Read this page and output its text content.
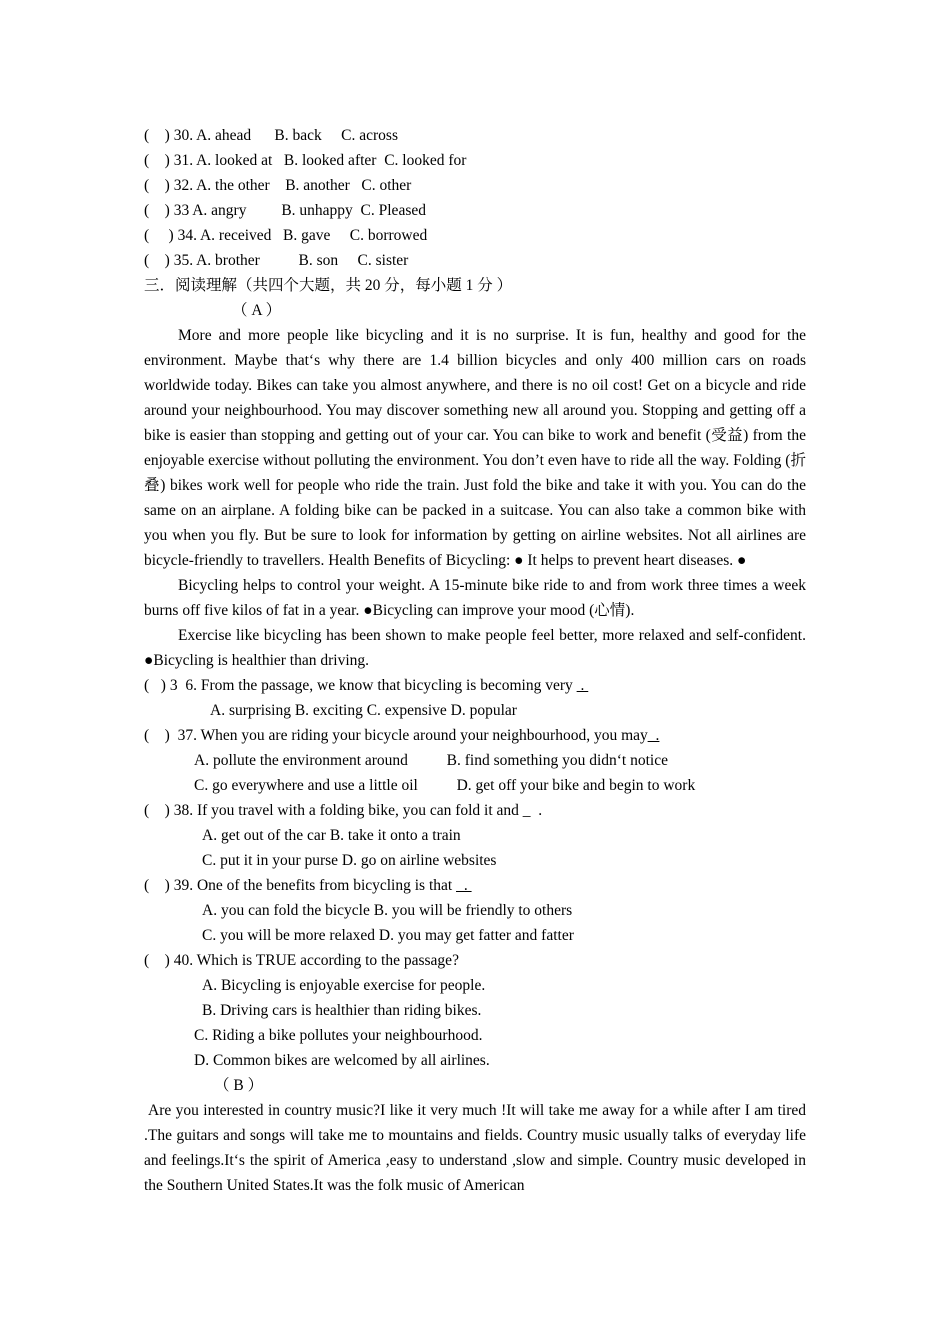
(    ) 30. A. ahead      B. back     C. across
(    ) 31. A. looked at   B. looked after  C. looked for
(    ) 32. A. the other    B. another   C. other
(    ) 33 A. angry         B. unhappy  C. Pleased
(     ) 34. A. received   B. gave     C. borrowed
(    ) 35. A. brother          B. son     C. sister
三．阅读理解（共四个大题，共 20 分，每小题 1 分 ）
（ A ）

More and more people like bicycling and it is no surprise. It is fun, healthy and good for the environment. Maybe that‘s why there are 1.4 billion bicycles and only 400 million cars on roads worldwide today. Bikes can take you almost anywhere, and there is no oil cost! Get on a bicycle and ride around your neighbourhood. You may discover something new all around you. Stopping and getting off a bike is easier than stopping and getting out of your car. You can bike to work and benefit (受益) from the enjoyable exercise without polluting the environment. You don’t even have to ride all the way. Folding (折叠) bikes work well for people who ride the train. Just fold the bike and take it with you. You can do the same on an airplane. A folding bike can be packed in a suitcase. You can also take a common bike with you when you fly. But be sure to look for information by getting on airline websites. Not all airlines are bicycle-friendly to travellers. Health Benefits of Bicycling: ● It helps to prevent heart diseases. ●

Bicycling helps to control your weight. A 15-minute bike ride to and from work three times a week burns off five kilos of fat in a year. ●Bicycling can improve your mood (心情).

Exercise like bicycling has been shown to make people feel better, more relaxed and self-confident. ●Bicycling is healthier than driving.

(   ) 3  6. From the passage, we know that bicycling is becoming very  .
A. surprising B. exciting C. expensive D. popular
(    )  37. When you are riding your bicycle around your neighbourhood, you may_.
A. pollute the environment around          B. find something you didn‘t notice
C. go everywhere and use a little oil          D. get off your bike and begin to work
(    ) 38. If you travel with a folding bike, you can fold it and _  .
A. get out of the car B. take it onto a train
C. put it in your purse D. go on airline websites
(    ) 39. One of the benefits from bicycling is that _.
A. you can fold the bicycle B. you will be friendly to others
C. you will be more relaxed D. you may get fatter and fatter
(    ) 40. Which is TRUE according to the passage?
A. Bicycling is enjoyable exercise for people.
B. Driving cars is healthier than riding bikes.
C. Riding a bike pollutes your neighbourhood.
D. Common bikes are welcomed by all airlines.
（ B ）

Are you interested in country music?I like it very much !It will take me away for a while after I am tired .The guitars and songs will take me to mountains and fields. Country music usually talks of everyday life and feelings.It‘s the spirit of America ,easy to understand ,slow and simple. Country music developed in the Southern United States.It was the folk music of American
